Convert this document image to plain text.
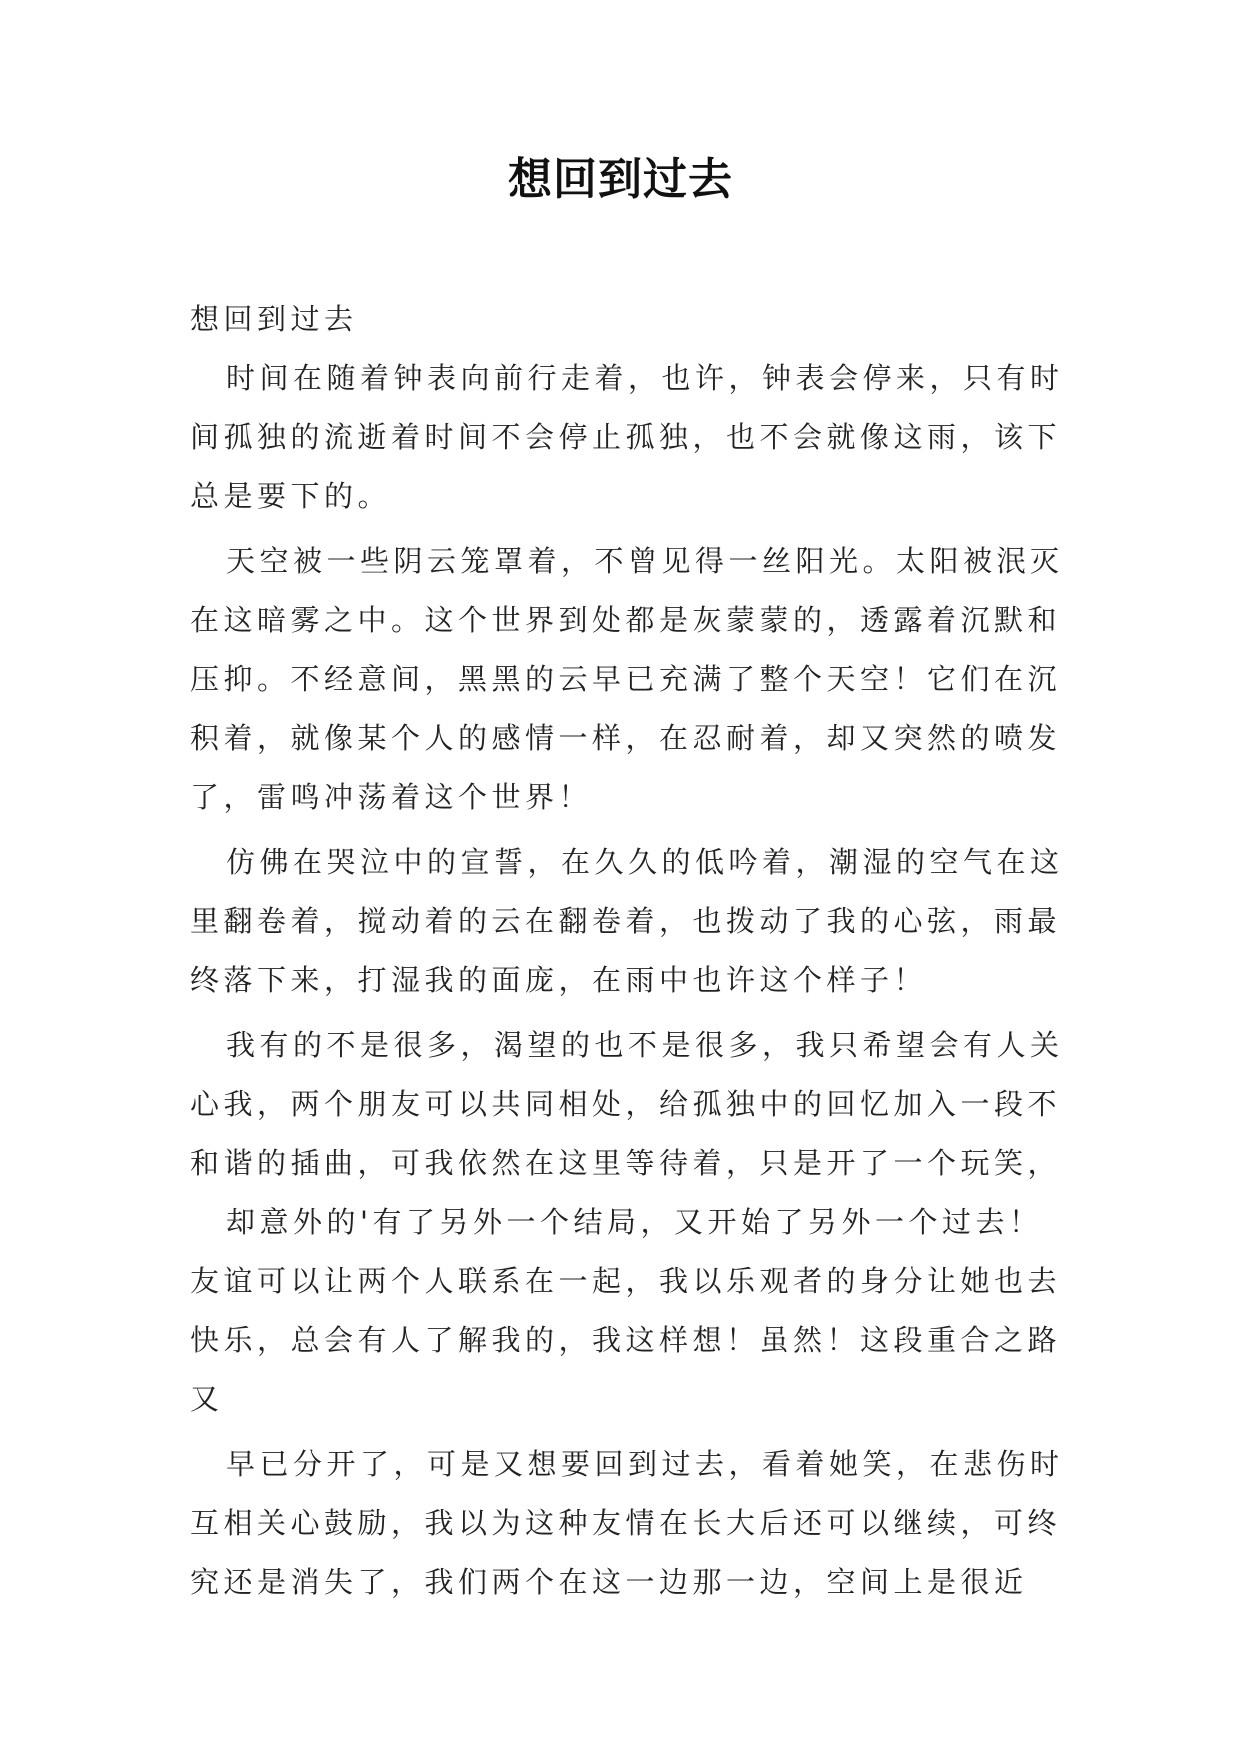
想回到过去
想回到过去
时间在随着钟表向前行走着，也许，钟表会停来，只有时
间孤独的流逝着时间不会停止孤独，也不会就像这雨，该下
总是要下的。
天空被一些阴云笼罩着，不曾见得一丝阳光。太阳被泯灭
在这暗雾之中。这个世界到处都是灰蒙蒙的，透露着沉默和
压抑。不经意间，黑黑的云早已充满了整个天空！它们在沉
积着，就像某个人的感情一样，在忍耐着，却又突然的喷发
了，雷鸣冲荡着这个世界！
仿佛在哭泣中的宣誓，在久久的低吟着，潮湿的空气在这
里翻卷着，搅动着的云在翻卷着，也拨动了我的心弦，雨最
终落下来，打湿我的面庞，在雨中也许这个样子！
我有的不是很多，渴望的也不是很多，我只希望会有人关
心我，两个朋友可以共同相处，给孤独中的回忆加入一段不
和谐的插曲，可我依然在这里等待着，只是开了一个玩笑，
却意外的'有了另外一个结局，又开始了另外一个过去！
友谊可以让两个人联系在一起，我以乐观者的身分让她也去
快乐，总会有人了解我的，我这样想！虽然！这段重合之路
又
早已分开了，可是又想要回到过去，看着她笑，在悲伤时
互相关心鼓励，我以为这种友情在长大后还可以继续，可终
究还是消失了，我们两个在这一边那一边，空间上是很近
